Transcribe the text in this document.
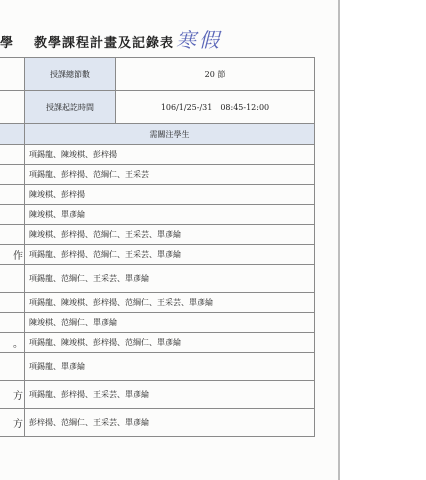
學 教學課程計畫及記錄表 寒假
	授課總節數	20 節
	授課起訖時間	106/1/25-/31　08:45-12:00
	需關注學生	
	項錫龍、陳竣棋、彭梓揚	
	項錫龍、彭梓揚、范綱仁、王采芸	
	陳竣棋、彭梓揚	
	陳竣棋、單彥綸	
	陳竣棋、彭梓揚、范綱仁、王采芸、單彥綸	
作	項錫龍、彭梓揚、范綱仁、王采芸、單彥綸	
	項錫龍、范綱仁、王采芸、單彥綸	
	項錫龍、陳竣棋、彭梓揚、范綱仁、王采芸、單彥綸	
	陳竣棋、范綱仁、單彥綸	
。	項錫龍、陳竣棋、彭梓揚、范綱仁、單彥綸	
	項錫龍、單彥綸	
方	項錫龍、彭梓揚、王采芸、單彥綸	
方	彭梓揚、范綱仁、王采芸、單彥綸	
